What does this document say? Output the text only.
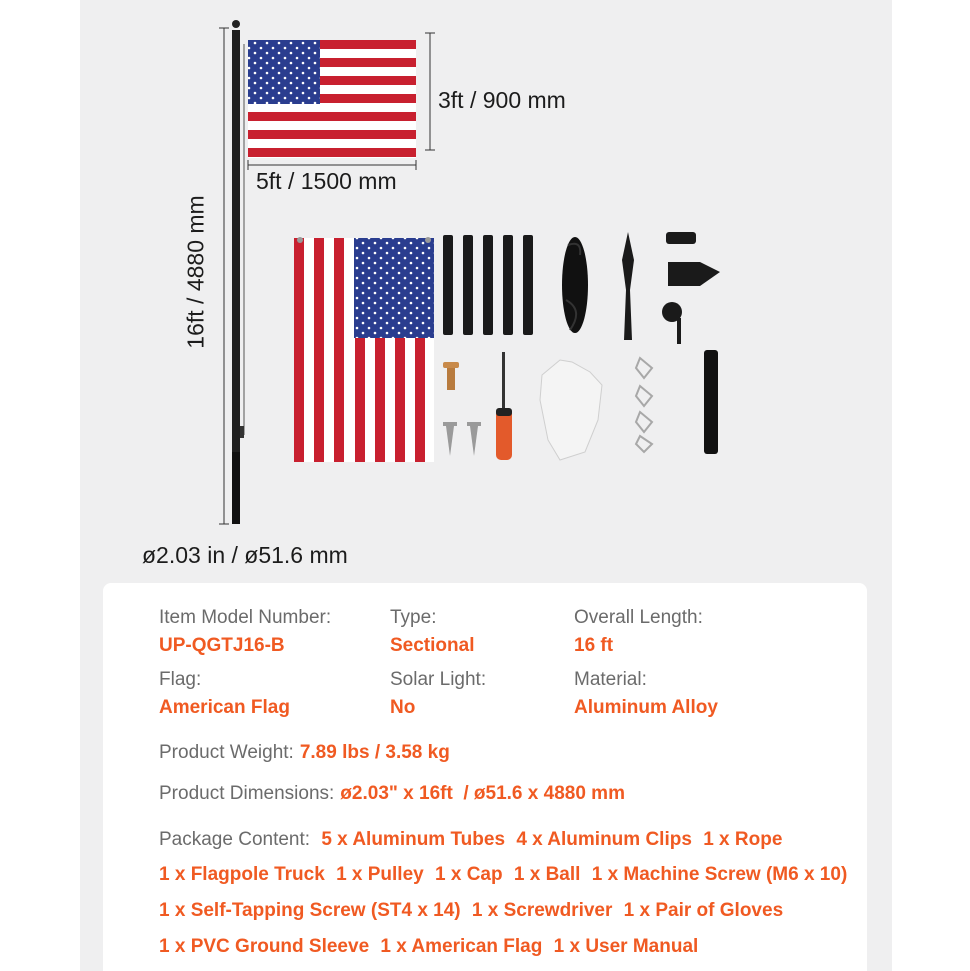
3ft / 900 mm
5ft / 1500 mm
16ft / 4880 mm
ø2.03 in / ø51.6 mm
Item Model Number:
UP-QGTJ16-B
Type:
Sectional
Overall Length:
16 ft
Flag:
American Flag
Solar Light:
No
Material:
Aluminum Alloy
Product Weight: 7.89 lbs / 3.58 kg
Product Dimensions: ø2.03" x 16ft  / ø51.6 x 4880 mm
Package Content: 5 x Aluminum Tubes 4 x Aluminum Clips 1 x Rope
1 x Flagpole Truck 1 x Pulley 1 x Cap 1 x Ball 1 x Machine Screw (M6 x 10)
1 x Self-Tapping Screw (ST4 x 14) 1 x Screwdriver 1 x Pair of Gloves
1 x PVC Ground Sleeve 1 x American Flag 1 x User Manual
